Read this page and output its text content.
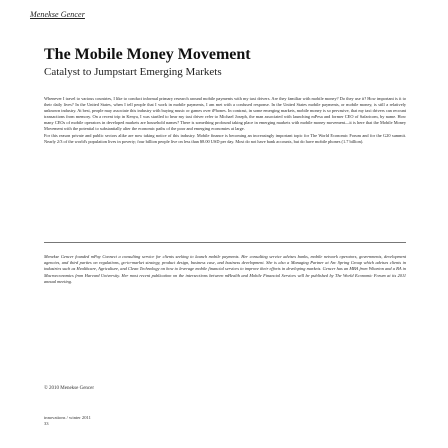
Menekse Gencer
The Mobile Money Movement
Catalyst to Jumpstart Emerging Markets

Whenever I travel to various countries, I like to conduct informal primary research around mobile payments with my taxi drivers. Are they familiar with mobile money? Do they use it? How important is it to their daily lives? In the United States, when I tell people that I work in mobile payments, I am met with a confused response. In the United States mobile payments, or mobile money, is still a relatively unknown industry. At best, people may associate this industry with buying music or games over iPhones. In contrast, in some emerging markets, mobile money is so pervasive, that my taxi drivers can recount transactions from memory. On a recent trip in Kenya, I was startled to hear my taxi driver refer to Michael Joseph, the man associated with launching mPesa and former CEO of Safaricom, by name. How many CEOs of mobile operators in developed markets are household names? There is something profound taking place in emerging markets with mobile money movement—it is here that the Mobile Money Movement with the potential to substantially alter the economic paths of the poor and emerging economies at large.

For this reason private and public sectors alike are now taking notice of this industry. Mobile finance is becoming an increasingly important topic for The World Economic Forum and for the G20 summit. Nearly 2/3 of the world's population lives in poverty; four billion people live on less than $8.00 USD per day. Most do not have bank accounts, but do have mobile phones (1.7 billion).

Menekse Gencer founded mPay Connect a consulting service for clients seeking to launch mobile payments. Her consulting service advises banks, mobile network operators, governments, development agencies, and third parties on regulations, go-to-market strategy, product design, business case, and business development. She is also a Managing Partner at Arc Spring Group which advises clients in industries such as Healthcare, Agriculture, and Clean Technology on how to leverage mobile financial services to improve their efforts in developing markets. Gencer has an MBA from Wharton and a BA in Macroeconomics from Harvard University. Her most recent publication on the intersections between mHealth and Mobile Financial Services will be published by The World Economic Forum at its 2011 annual meeting.
© 2010 Menekse Gencer
innovations / winter 2011
33
